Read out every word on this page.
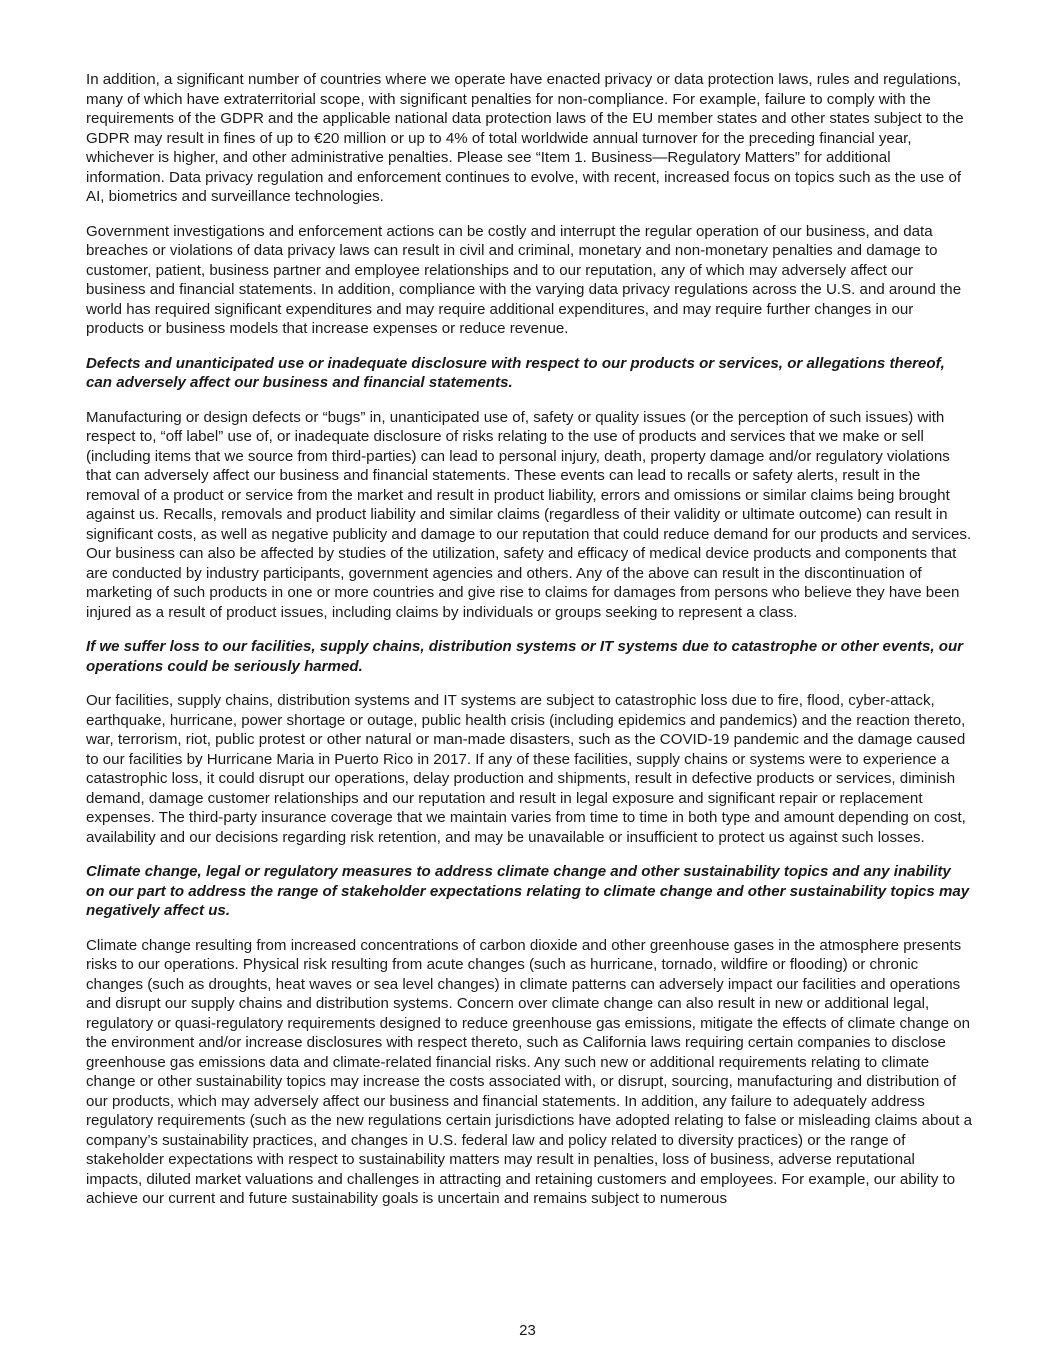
In addition, a significant number of countries where we operate have enacted privacy or data protection laws, rules and regulations, many of which have extraterritorial scope, with significant penalties for non-compliance. For example, failure to comply with the requirements of the GDPR and the applicable national data protection laws of the EU member states and other states subject to the GDPR may result in fines of up to €20 million or up to 4% of total worldwide annual turnover for the preceding financial year, whichever is higher, and other administrative penalties. Please see “Item 1. Business—Regulatory Matters” for additional information. Data privacy regulation and enforcement continues to evolve, with recent, increased focus on topics such as the use of AI, biometrics and surveillance technologies.

Government investigations and enforcement actions can be costly and interrupt the regular operation of our business, and data breaches or violations of data privacy laws can result in civil and criminal, monetary and non-monetary penalties and damage to customer, patient, business partner and employee relationships and to our reputation, any of which may adversely affect our business and financial statements. In addition, compliance with the varying data privacy regulations across the U.S. and around the world has required significant expenditures and may require additional expenditures, and may require further changes in our products or business models that increase expenses or reduce revenue.

Defects and unanticipated use or inadequate disclosure with respect to our products or services, or allegations thereof, can adversely affect our business and financial statements.

Manufacturing or design defects or “bugs” in, unanticipated use of, safety or quality issues (or the perception of such issues) with respect to, “off label” use of, or inadequate disclosure of risks relating to the use of products and services that we make or sell (including items that we source from third-parties) can lead to personal injury, death, property damage and/or regulatory violations that can adversely affect our business and financial statements. These events can lead to recalls or safety alerts, result in the removal of a product or service from the market and result in product liability, errors and omissions or similar claims being brought against us. Recalls, removals and product liability and similar claims (regardless of their validity or ultimate outcome) can result in significant costs, as well as negative publicity and damage to our reputation that could reduce demand for our products and services. Our business can also be affected by studies of the utilization, safety and efficacy of medical device products and components that are conducted by industry participants, government agencies and others. Any of the above can result in the discontinuation of marketing of such products in one or more countries and give rise to claims for damages from persons who believe they have been injured as a result of product issues, including claims by individuals or groups seeking to represent a class.

If we suffer loss to our facilities, supply chains, distribution systems or IT systems due to catastrophe or other events, our operations could be seriously harmed.

Our facilities, supply chains, distribution systems and IT systems are subject to catastrophic loss due to fire, flood, cyber-attack, earthquake, hurricane, power shortage or outage, public health crisis (including epidemics and pandemics) and the reaction thereto, war, terrorism, riot, public protest or other natural or man-made disasters, such as the COVID-19 pandemic and the damage caused to our facilities by Hurricane Maria in Puerto Rico in 2017. If any of these facilities, supply chains or systems were to experience a catastrophic loss, it could disrupt our operations, delay production and shipments, result in defective products or services, diminish demand, damage customer relationships and our reputation and result in legal exposure and significant repair or replacement expenses. The third-party insurance coverage that we maintain varies from time to time in both type and amount depending on cost, availability and our decisions regarding risk retention, and may be unavailable or insufficient to protect us against such losses.

Climate change, legal or regulatory measures to address climate change and other sustainability topics and any inability on our part to address the range of stakeholder expectations relating to climate change and other sustainability topics may negatively affect us.

Climate change resulting from increased concentrations of carbon dioxide and other greenhouse gases in the atmosphere presents risks to our operations. Physical risk resulting from acute changes (such as hurricane, tornado, wildfire or flooding) or chronic changes (such as droughts, heat waves or sea level changes) in climate patterns can adversely impact our facilities and operations and disrupt our supply chains and distribution systems. Concern over climate change can also result in new or additional legal, regulatory or quasi-regulatory requirements designed to reduce greenhouse gas emissions, mitigate the effects of climate change on the environment and/or increase disclosures with respect thereto, such as California laws requiring certain companies to disclose greenhouse gas emissions data and climate-related financial risks. Any such new or additional requirements relating to climate change or other sustainability topics may increase the costs associated with, or disrupt, sourcing, manufacturing and distribution of our products, which may adversely affect our business and financial statements. In addition, any failure to adequately address regulatory requirements (such as the new regulations certain jurisdictions have adopted relating to false or misleading claims about a company’s sustainability practices, and changes in U.S. federal law and policy related to diversity practices) or the range of stakeholder expectations with respect to sustainability matters may result in penalties, loss of business, adverse reputational impacts, diluted market valuations and challenges in attracting and retaining customers and employees. For example, our ability to achieve our current and future sustainability goals is uncertain and remains subject to numerous

23
